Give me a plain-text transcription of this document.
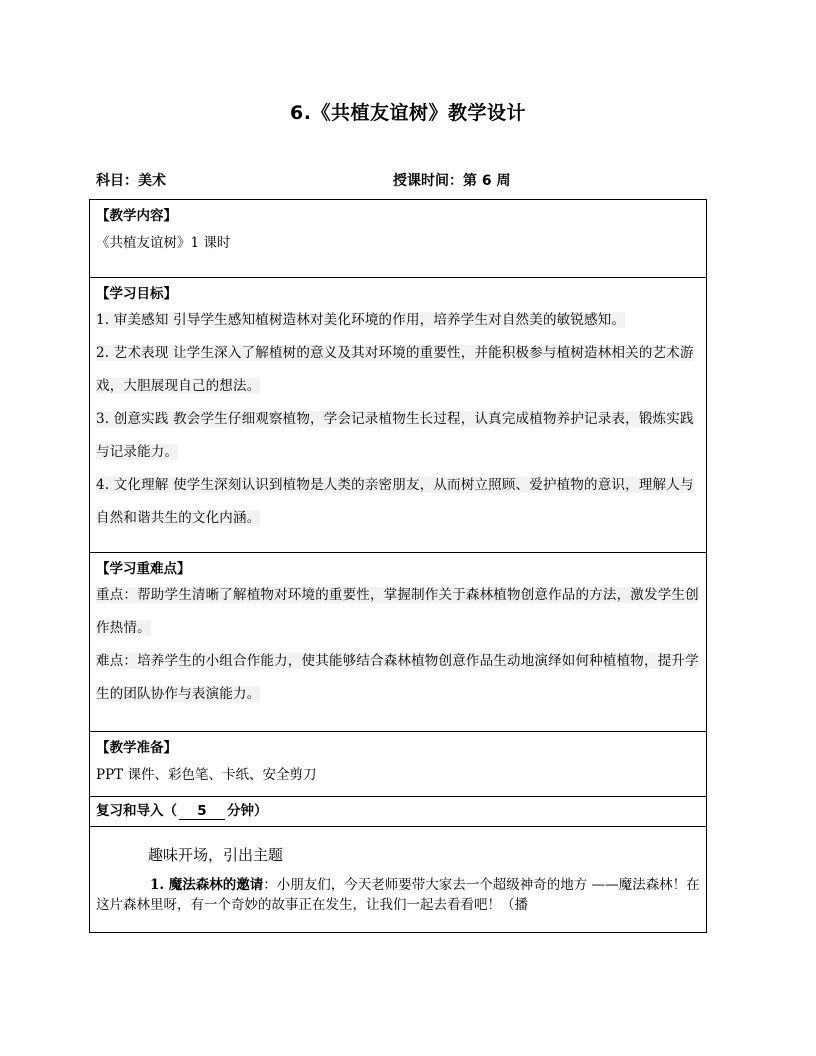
6.《共植友谊树》教学设计
科目：美术	授课时间：第 6 周
【教学内容】
《共植友谊树》1 课时
【学习目标】

1. 审美感知 引导学生感知植树造林对美化环境的作用，培养学生对自然美的敏锐感知。

2. 艺术表现 让学生深入了解植树的意义及其对环境的重要性，并能积极参与植树造林相关的艺术游戏，大胆展现自己的想法。

3. 创意实践 教会学生仔细观察植物，学会记录植物生长过程，认真完成植物养护记录表，锻炼实践与记录能力。

4. 文化理解 使学生深刻认识到植物是人类的亲密朋友，从而树立照顾、爱护植物的意识，理解人与自然和谐共生的文化内涵。

【学习重难点】

重点：帮助学生清晰了解植物对环境的重要性，掌握制作关于森林植物创意作品的方法，激发学生创作热情。

难点：培养学生的小组合作能力，使其能够结合森林植物创意作品生动地演绎如何种植植物，提升学生的团队协作与表演能力。

【教学准备】
PPT 课件、彩色笔、卡纸、安全剪刀
复习和导入（ 5 分钟）
趣味开场，引出主题
1. 魔法森林的邀请：小朋友们，今天老师要带大家去一个超级神奇的地方 ——魔法森林！在这片森林里呀，有一个奇妙的故事正在发生，让我们一起去看看吧！（播
